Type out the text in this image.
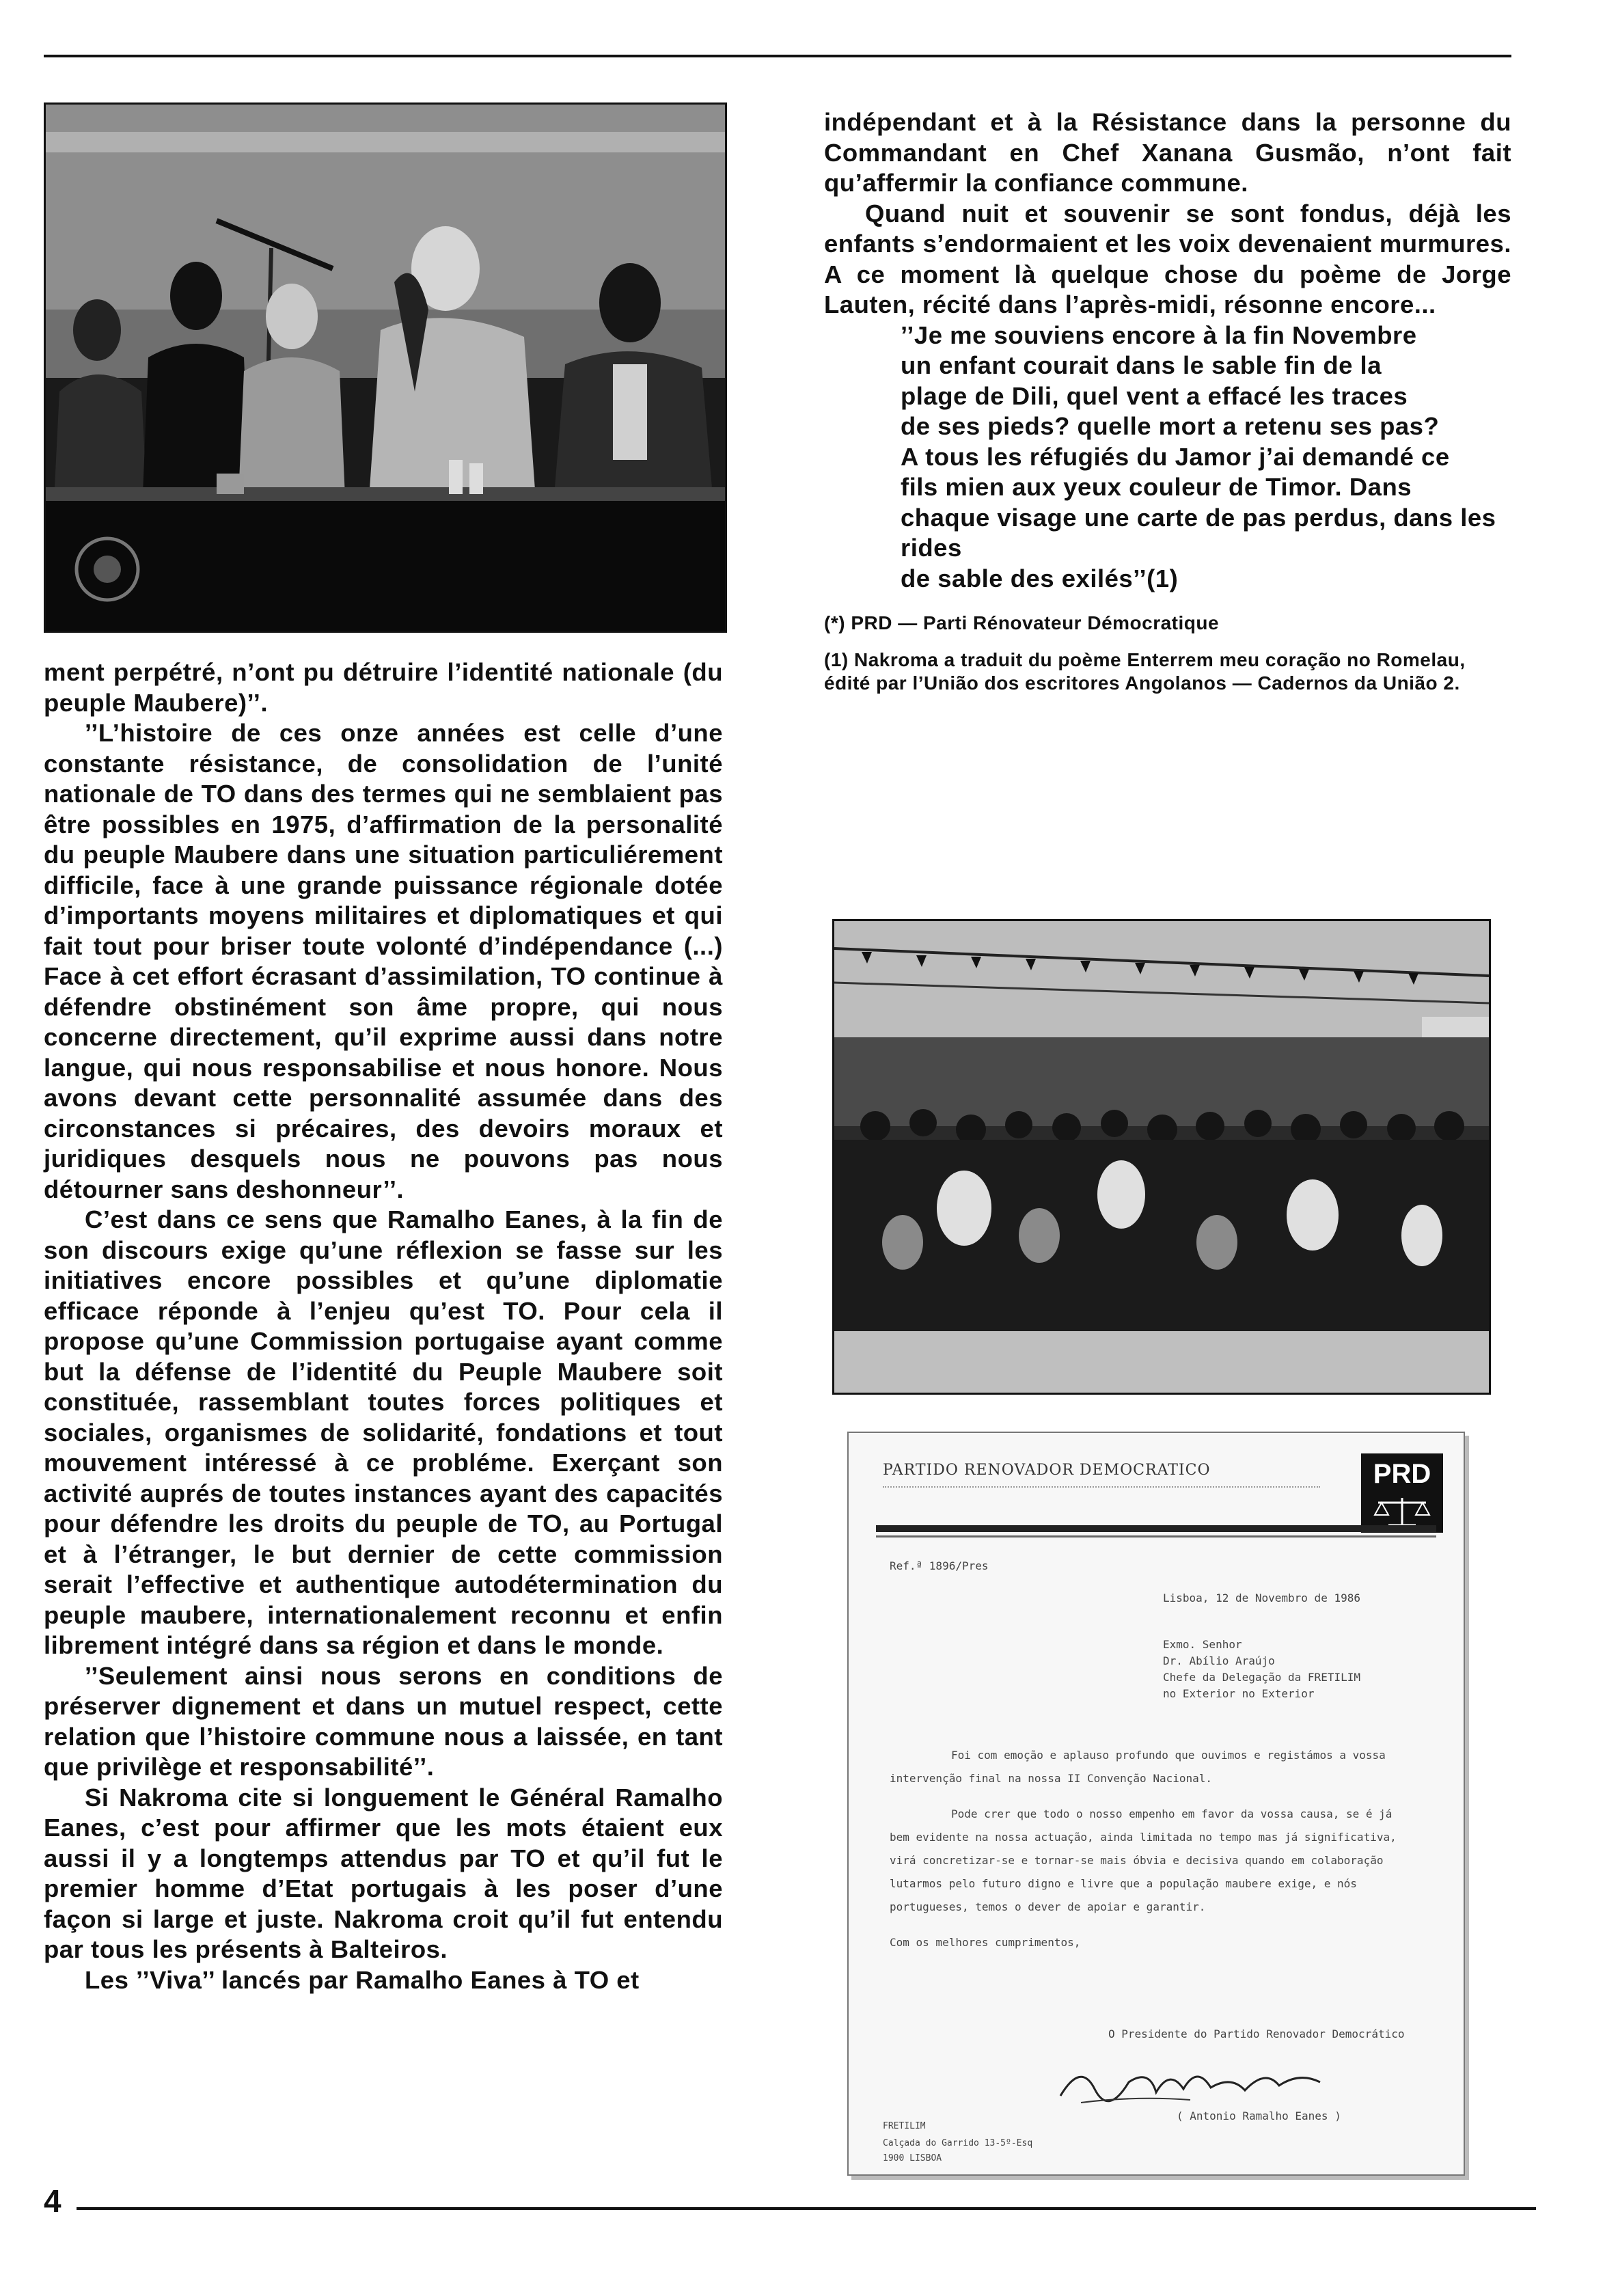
ment perpétré, n’ont pu détruire l’identité nationale (du peuple Maubere)’’.

’’L’histoire de ces onze années est celle d’une constante résistance, de consolidation de l’unité nationale de TO dans des termes qui ne semblaient pas être possibles en 1975, d’affirmation de la personalité du peuple Maubere dans une situation particuliérement difficile, face à une grande puissance régionale dotée d’importants moyens militaires et diplomatiques et qui fait tout pour briser toute volonté d’indépendance (...) Face à cet effort écrasant d’assimilation, TO continue à défendre obstinément son âme propre, qui nous concerne directement, qu’il exprime aussi dans notre langue, qui nous responsabilise et nous honore. Nous avons devant cette personnalité assumée dans des circonstances si précaires, des devoirs moraux et juridiques desquels nous ne pouvons pas nous détourner sans deshonneur’’.

C’est dans ce sens que Ramalho Eanes, à la fin de son discours exige qu’une réflexion se fasse sur les initiatives encore possibles et qu’une diplomatie efficace réponde à l’enjeu qu’est TO. Pour cela il propose qu’une Commission portugaise ayant comme but la défense de l’identité du Peuple Maubere soit constituée, rassemblant toutes forces politiques et sociales, organismes de solidarité, fondations et tout mouvement intéressé à ce probléme. Exerçant son activité auprés de toutes instances ayant des capacités pour défendre les droits du peuple de TO, au Portugal et à l’étranger, le but dernier de cette commission serait l’effective et authentique autodétermination du peuple maubere, internationalement reconnu et enfin librement intégré dans sa région et dans le monde.

’’Seulement ainsi nous serons en conditions de préserver dignement et dans un mutuel respect, cette relation que l’histoire commune nous a laissée, en tant que privilège et responsabilité’’.

Si Nakroma cite si longuement le Général Ramalho Eanes, c’est pour affirmer que les mots étaient eux aussi il y a longtemps attendus par TO et qu’il fut le premier homme d’Etat portugais à les poser d’une façon si large et juste. Nakroma croit qu’il fut entendu par tous les présents à Balteiros.

Les ’’Viva’’ lancés par Ramalho Eanes à TO et

indépendant et à la Résistance dans la personne du Commandant en Chef Xanana Gusmão, n’ont fait qu’affermir la confiance commune.

Quand nuit et souvenir se sont fondus, déjà les enfants s’endormaient et les voix devenaient murmures. A ce moment là quelque chose du poème de Jorge Lauten, récité dans l’après-midi, résonne encore...

’’Je me souviens encore à la fin Novembre
un enfant courait dans le sable fin de la
plage de Dili, quel vent a effacé les traces
de ses pieds? quelle mort a retenu ses pas?
A tous les réfugiés du Jamor j’ai demandé ce
fils mien aux yeux couleur de Timor. Dans
chaque visage une carte de pas perdus, dans les
rides
de sable des exilés’’(1)

(*) PRD — Parti Rénovateur Démocratique

(1) Nakroma a traduit du poème Enterrem meu coração no Romelau, édité par l’União dos escritores Angolanos — Cadernos da União 2.

PARTIDO RENOVADOR DEMOCRATICO	PRD
Ref.ª 1896/Pres
Lisboa, 12 de Novembro de 1986
Exmo. Senhor
Dr. Abílio Araújo
Chefe da Delegação da FRETILIM
no Exterior no Exterior

Foi com emoção e aplauso profundo que ouvimos e registámos a vossa intervenção final na nossa II Convenção Nacional.

Pode crer que todo o nosso empenho em favor da vossa causa, se é já bem evidente na nossa actuação, ainda limitada no tempo mas já significativa, virá concretizar-se e tornar-se mais óbvia e decisiva quando em colaboração lutarmos pelo futuro digno e livre que a população maubere exige, e nós portugueses, temos o dever de apoiar e garantir.

Com os melhores cumprimentos,

O Presidente do Partido Renovador Democrático
( Antonio Ramalho Eanes )
FRETILIM
Calçada do Garrido 13-5º-Esq
1900 LISBOA
4
